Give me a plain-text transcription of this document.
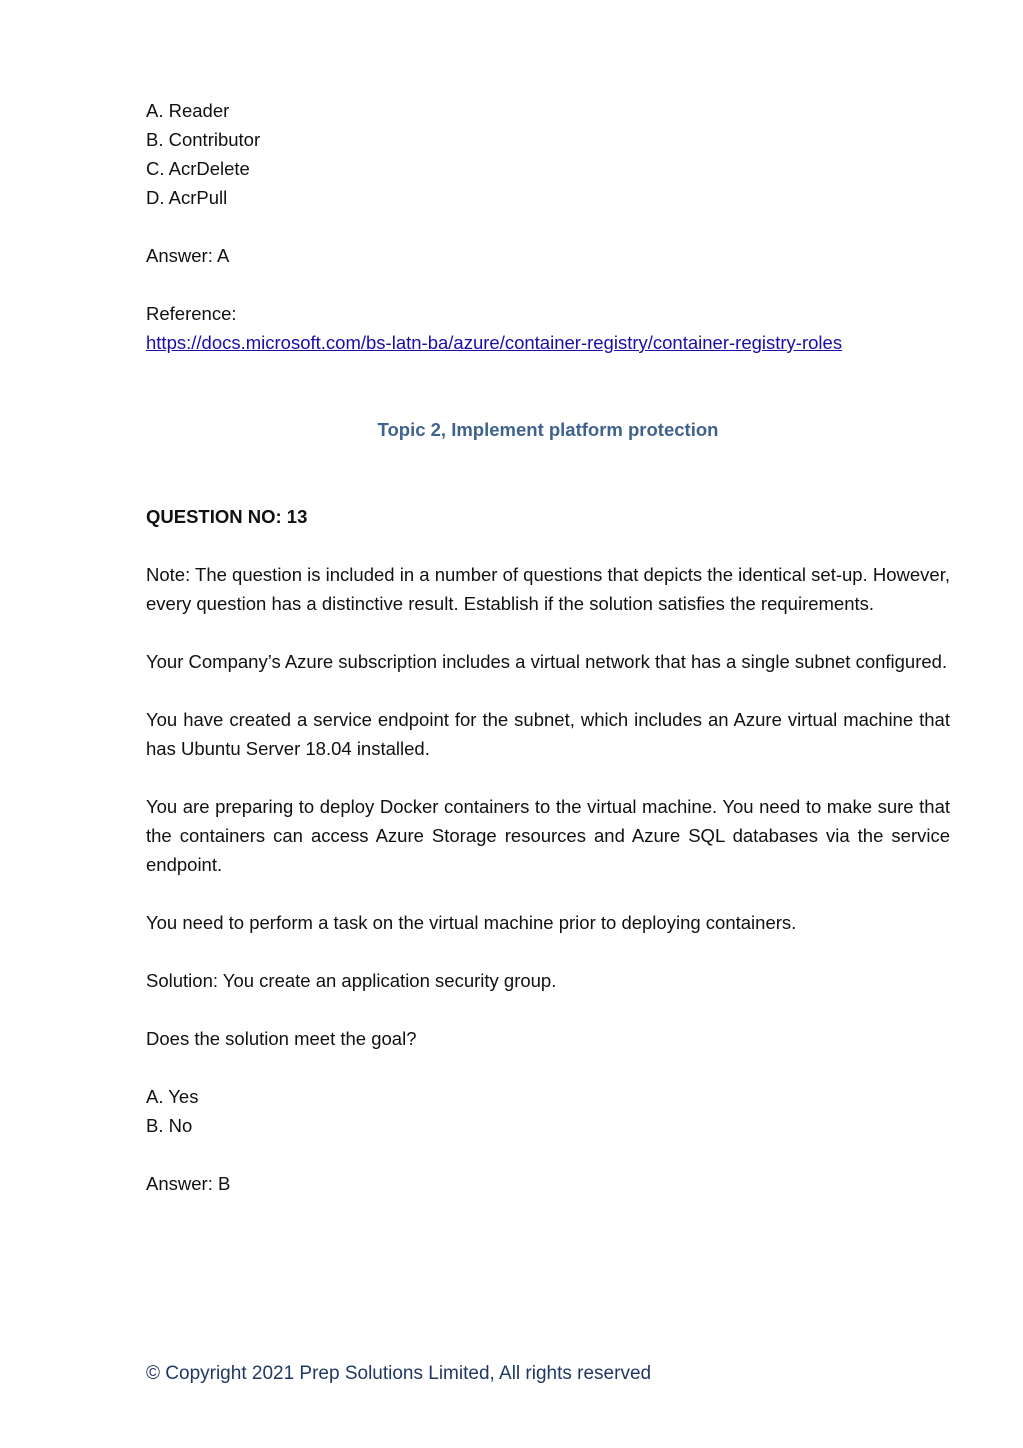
A. Reader
B. Contributor
C. AcrDelete
D. AcrPull
Answer: A
Reference:
https://docs.microsoft.com/bs-latn-ba/azure/container-registry/container-registry-roles
Topic 2, Implement platform protection
QUESTION NO: 13
Note: The question is included in a number of questions that depicts the identical set-up. However, every question has a distinctive result. Establish if the solution satisfies the requirements.
Your Company’s Azure subscription includes a virtual network that has a single subnet configured.
You have created a service endpoint for the subnet, which includes an Azure virtual machine that has Ubuntu Server 18.04 installed.
You are preparing to deploy Docker containers to the virtual machine. You need to make sure that the containers can access Azure Storage resources and Azure SQL databases via the service endpoint.
You need to perform a task on the virtual machine prior to deploying containers.
Solution: You create an application security group.
Does the solution meet the goal?
A. Yes
B. No
Answer: B
© Copyright 2021 Prep Solutions Limited, All rights reserved
